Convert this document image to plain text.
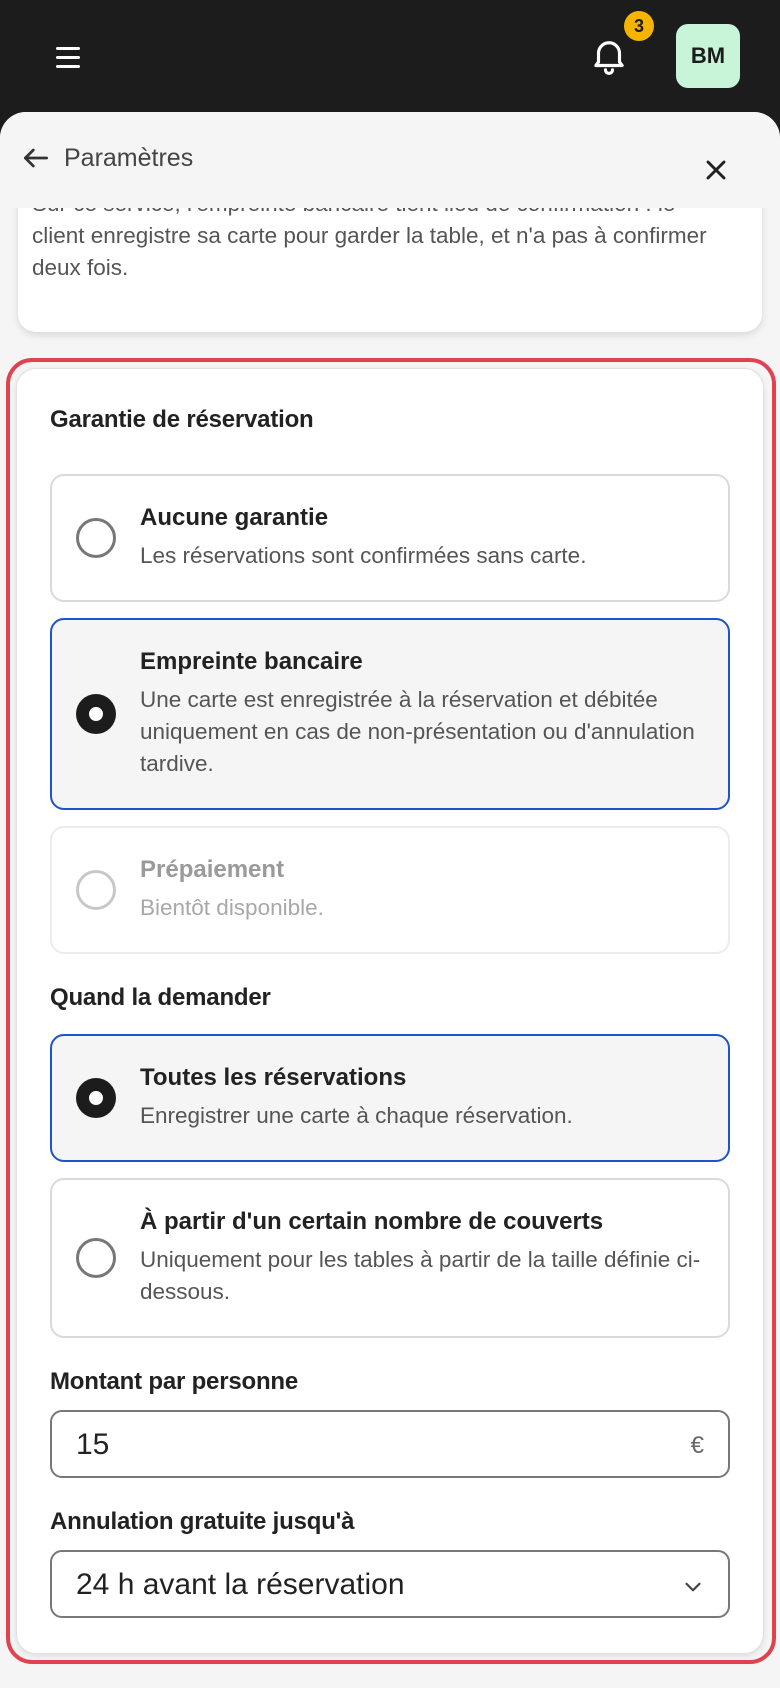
3
BM
client enregistre sa carte pour garder la table, et n'a pas à confirmer deux fois.
Paramètres
Garantie de réservation
Aucune garantie
Les réservations sont confirmées sans carte.
Empreinte bancaire
Une carte est enregistrée à la réservation et débitée uniquement en cas de non-présentation ou d'annulation tardive.
Prépaiement
Bientôt disponible.
Quand la demander
Toutes les réservations
Enregistrer une carte à chaque réservation.
À partir d'un certain nombre de couverts
Uniquement pour les tables à partir de la taille définie ci-dessous.
Montant par personne
15	€
Annulation gratuite jusqu'à
24 h avant la réservation
